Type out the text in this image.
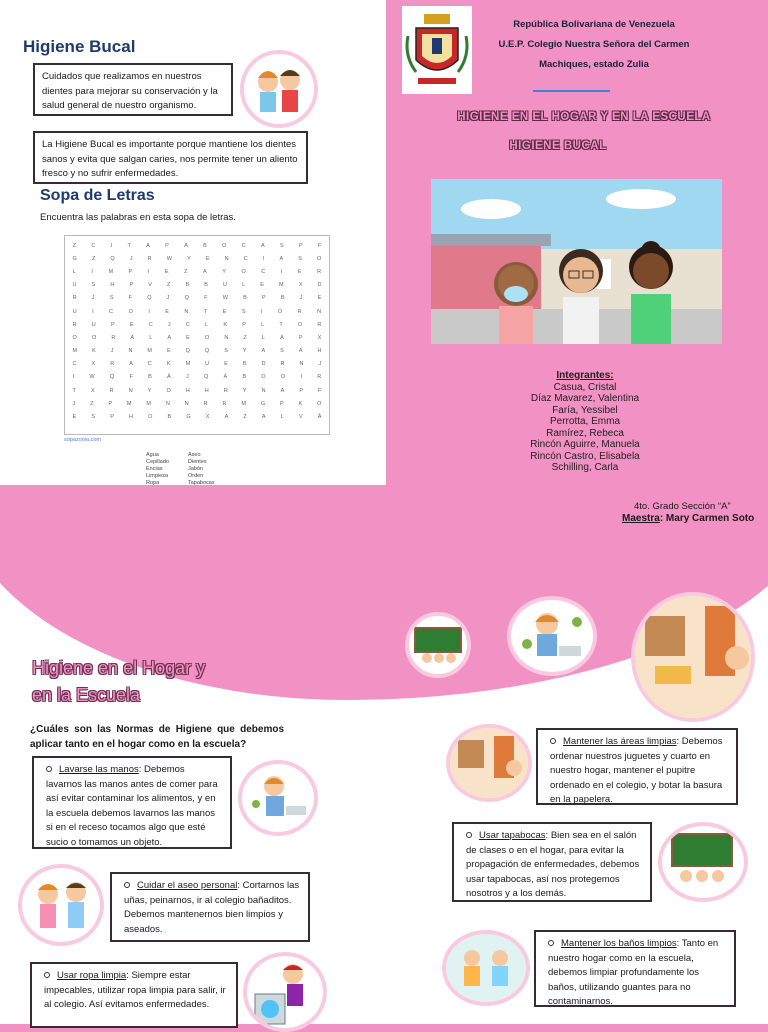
Higiene Bucal
Cuidados que realizamos en nuestros dientes para mejorar su conservación y la salud general de nuestro organismo.
La Higiene Bucal es importante porque mantiene los dientes sanos y evita que salgan caries, nos permite tener un aliento fresco y no sufrir enfermedades.
Sopa de Letras
Encuentra las palabras en esta sopa de letras.
Z	C	I	T	A	P	A	B	O	C	A	S	P	F
G	Z	Q	J	R	W	Y	E	N	C	I	A	S	O
L	I	M	P	I	E	Z	A	Y	O	C	I	E	R
U	S	H	P	V	Z	B	B	U	L	E	M	X	D
R	J	S	F	Q	J	Q	F	W	B	P	B	J	E
U	I	C	O	I	E	N	T	E	S	I	O	R	N
R	U	P	E	C	J	C	L	K	P	L	T	O	R
O	O	R	A	L	A	E	O	N	Z	L	A	P	X
M	K	J	N	M	E	Q	Q	S	Y	A	S	A	H
C	X	R	A	C	K	M	U	E	B	D	R	N	J
I	W	Q	F	B	Á	J	Q	Á	B	O	O	I	R
T	X	R	N	Y	O	H	H	R	Y	N	A	P	F
J	Z	P	M	M	N	N	R	R	M	G	P	K	O
E	S	P	H	O	B	G	X	A	Z	A	L	V	Á
sopazonia.com
Agua
Cepillado
Encias
Limpieza
Ropa
Aseo
Dientes
Jabón
Orden
Tapabocas
República Bolivariana de Venezuela
U.E.P. Colegio Nuestra Señora del Carmen
Machiques, estado Zulia
HIGIENE EN EL HOGAR Y EN LA ESCUELA
HIGIENE BUCAL
Integrantes:
Casua, Cristal
Díaz Mavarez, Valentina
Faría, Yessibel
Perrotta, Emma
Ramírez, Rebeca
Rincón Aguirre, Manuela
Rincón Castro, Elisabela
Schilling, Carla
4to. Grado Sección “A”
Maestra: Mary Carmen Soto
Higiene en el Hogar y
en la Escuela
¿Cuáles son las Normas de Higiene que debemos aplicar tanto en el hogar como en la escuela?
Lavarse las manos: Debemos lavarnos las manos antes de comer para así evitar contaminar los alimentos, y en la escuela debemos lavarnos las manos si en el receso tocamos algo que esté sucio o tomamos un objeto.
Cuidar el aseo personal: Cortarnos las uñas, peinarnos, ir al colegio bañaditos. Debemos mantenernos bien limpios y aseados.
Usar ropa limpia: Siempre estar impecables, utilizar ropa limpia para salir, ir al colegio. Así evitamos enfermedades.
Mantener las áreas limpias: Debemos ordenar nuestros juguetes y cuarto en nuestro hogar, mantener el pupitre ordenado en el colegio, y botar la basura en la papelera.
Usar tapabocas: Bien sea en el salón de clases o en el hogar, para evitar la propagación de enfermedades, debemos usar tapabocas, así nos protegemos nosotros y a los demás.
Mantener los baños limpios: Tanto en nuestro hogar como en la escuela, debemos limpiar profundamente los baños, utilizando guantes para no contaminarnos.
